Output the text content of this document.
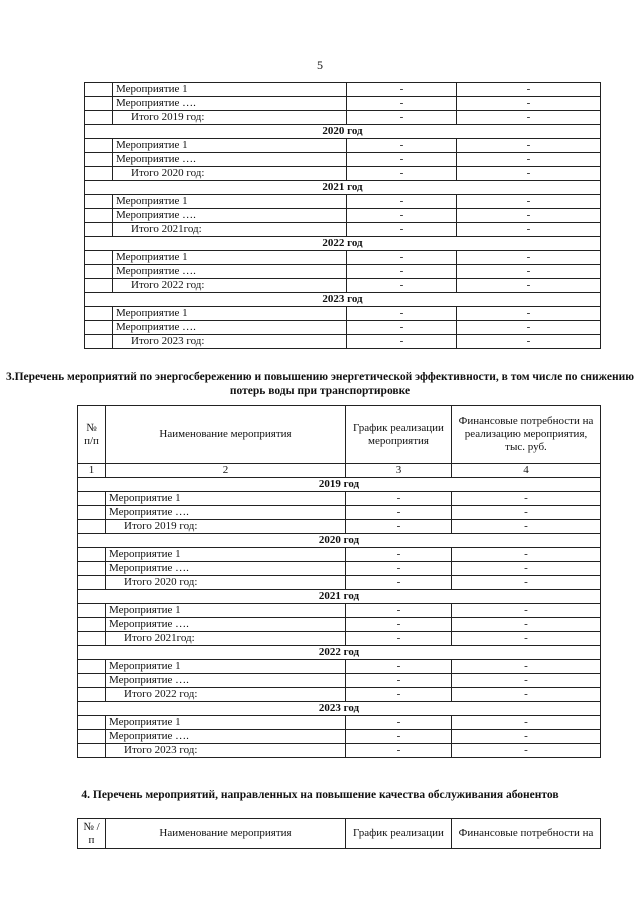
5
	Мероприятие 1	-	-
	Мероприятие ….	-	-
	Итого 2019 год:	-	-
2020 год			
	Мероприятие 1	-	-
	Мероприятие ….	-	-
	Итого 2020 год:	-	-
2021 год			
	Мероприятие 1	-	-
	Мероприятие ….	-	-
	Итого 2021год:	-	-
2022 год			
	Мероприятие 1	-	-
	Мероприятие ….	-	-
	Итого 2022 год:	-	-
2023 год			
	Мероприятие 1	-	-
	Мероприятие ….	-	-
	Итого 2023 год:	-	-
3.Перечень мероприятий по энергосбережению и повышению энергетической эффективности, в том числе по снижению потерь воды при транспортировке
№ п/п	Наименование мероприятия	График реализации мероприятия	Финансовые потребности на реализацию мероприятия, тыс. руб.
1	2	3	4
2019 год			
	Мероприятие 1	-	-
	Мероприятие ….	-	-
	Итого 2019 год:	-	-
2020 год			
	Мероприятие 1	-	-
	Мероприятие ….	-	-
	Итого 2020 год:	-	-
2021 год			
	Мероприятие 1	-	-
	Мероприятие ….	-	-
	Итого 2021год:	-	-
2022 год			
	Мероприятие 1	-	-
	Мероприятие ….	-	-
	Итого 2022 год:	-	-
2023 год			
	Мероприятие 1	-	-
	Мероприятие ….	-	-
	Итого 2023 год:	-	-
4. Перечень мероприятий, направленных на повышение качества обслуживания абонентов
№ /п	Наименование мероприятия	График реализации	Финансовые потребности на
